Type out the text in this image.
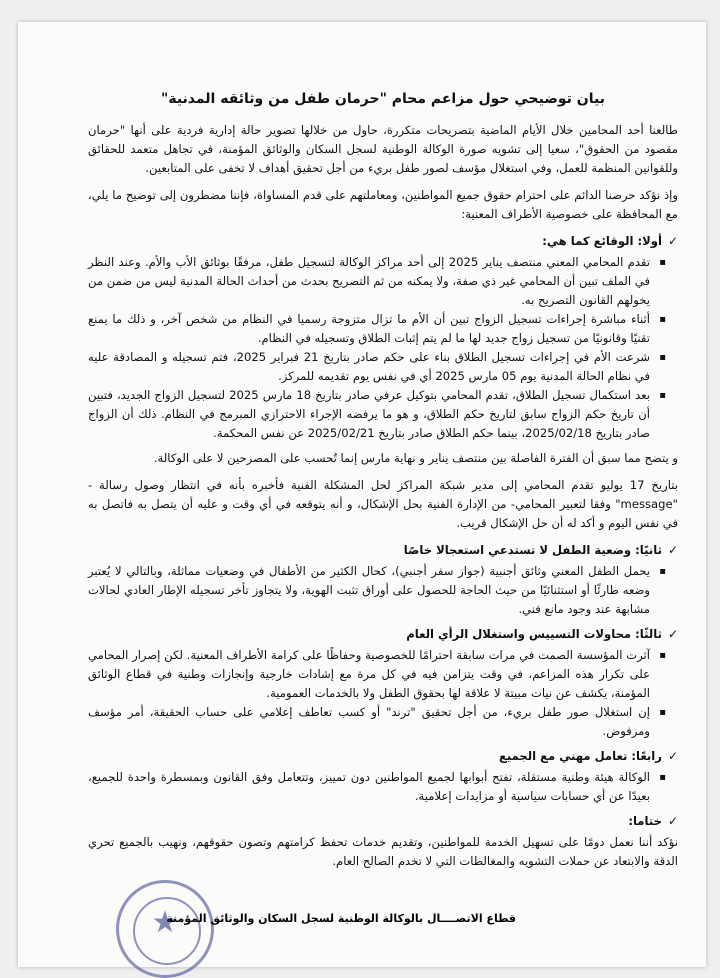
بيان توضيحي حول مزاعم محام "حرمان طفل من وثائقه المدنية"

طالعنا أحد المحامين خلال الأيام الماضية بتصريحات متكررة، حاول من خلالها تصوير حالة إدارية فردية على أنها "حرمان مقصود من الحقوق"، سعيا إلى تشويه صورة الوكالة الوطنية لسجل السكان والوثائق المؤمنة، في تجاهل متعمد للحقائق وللقوانين المنظمة للعمل، وفي استغلال مؤسف لصور طفل بريء من أجل تحقيق أهداف لا تخفى على المتابعين.

وإذ نؤكد حرصنا الدائم على احترام حقوق جميع المواطنين، ومعاملتهم على قدم المساواة، فإننا مضطرون إلى توضيح ما يلي، مع المحافظة على خصوصية الأطراف المعنية:

✓
أولا: الوقائع كما هي:
▪ تقدم المحامي المعني منتصف يناير 2025 إلى أحد مراكز الوكالة لتسجيل طفل، مرفقًا بوثائق الأب والأم. وعند النظر في الملف تبين أن المحامي غير ذي صفة، ولا يمكنه من ثم التصريح بحدث من أحداث الحالة المدنية ليس من ضمن من يخولهم القانون التصريح به.
▪ أثناء مباشرة إجراءات تسجيل الزواج تبين أن الأم ما تزال متزوجة رسميا في النظام من شخص آخر، و ذلك ما يمنع تقنيًا وقانونيًا من تسجيل زواج جديد لها ما لم يتم إثبات الطلاق وتسجيله في النظام.
▪ شرعت الأم في إجراءات تسجيل الطلاق بناء على حكم صادر بتاريخ 21 فبراير 2025، فتم تسجيله و المصادقة عليه في نظام الحالة المدنية يوم 05 مارس 2025 أي في نفس يوم تقديمه للمركز.
▪ بعد استكمال تسجيل الطلاق، تقدم المحامي بتوكيل عرفي صادر بتاريخ 18 مارس 2025 لتسجيل الزواج الجديد، فتبين أن تاريخ حكم الزواج سابق لتاريخ حكم الطلاق، و هو ما يرفضه الإجراء الاحترازي المبرمج في النظام. ذلك أن الزواج صادر بتاريخ 2025/02/18، بينما حكم الطلاق صادر بتاريخ 2025/02/21 عن نفس المحكمة.

و يتضح مما سبق أن الفترة الفاصلة بين منتصف يناير و نهاية مارس إنما تُحسب على المصرحين لا على الوكالة.

بتاريخ 17 يوليو تقدم المحامي إلى مدير شبكة المراكز لحل المشكلة الفنية فأخبره بأنه في انتظار وصول رسالة - "message" وفقا لتعبير المحامي- من الإدارة الفنية بحل الإشكال، و أنه يتوقعه في أي وقت و عليه أن يتصل به فاتصل به في نفس اليوم و أكد له أن حل الإشكال قريب.

✓
ثانيًا: وضعية الطفل لا تستدعي استعجالا خاصًا
▪ يحمل الطفل المعني وثائق أجنبية (جواز سفر أجنبي)، كحال الكثير من الأطفال في وضعيات مماثلة، وبالتالي لا يُعتبر وضعه طارئًا أو استثنائيًا من حيث الحاجة للحصول على أوراق تثبت الهوية، ولا يتجاوز تأخر تسجيله الإطار العادي لحالات مشابهة عند وجود مانع فني.
✓
ثالثًا: محاولات التسييس واستغلال الرأي العام
▪ آثرت المؤسسة الصمت في مرات سابقة احترامًا للخصوصية وحفاظًا على كرامة الأطراف المعنية. لكن إصرار المحامي على تكرار هذه المزاعم، في وقت يتزامن فيه في كل مرة مع إشادات خارجية وإنجازات وطنية في قطاع الوثائق المؤمنة، يكشف عن نيات مبيتة لا علاقة لها بحقوق الطفل ولا بالخدمات العمومية.
▪ إن استغلال صور طفل بريء، من أجل تحقيق "ترند" أو كسب تعاطف إعلامي على حساب الحقيقة، أمر مؤسف ومرفوض.
✓
رابعًا: تعامل مهني مع الجميع
▪ الوكالة هيئة وطنية مستقلة، تفتح أبوابها لجميع المواطنين دون تمييز، وتتعامل وفق القانون وبمسطرة واحدة للجميع، بعيدًا عن أي حسابات سياسية أو مزايدات إعلامية.
✓
ختاما:

نؤكد أننا نعمل دومًا على تسهيل الخدمة للمواطنين، وتقديم خدمات تحفظ كرامتهم وتصون حقوقهم، ونهيب بالجميع تحري الدقة والابتعاد عن حملات التشويه والمغالطات التي لا تخدم الصالح العام.

★
قطاع الاتصــــال بالوكالة الوطنية لسجل السكان والوثائق المؤمنة
